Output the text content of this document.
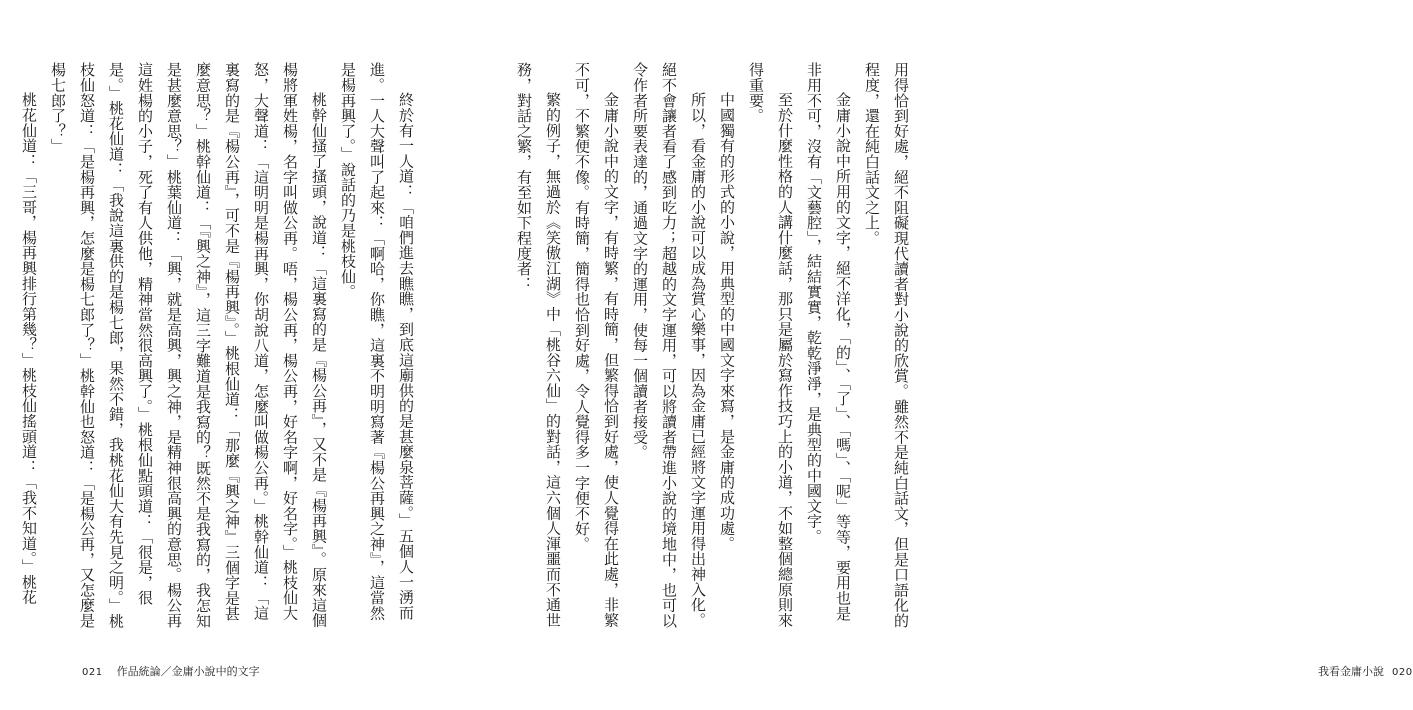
終於有一人道：「咱們進去瞧瞧，到底這廟供的是甚麼泉菩薩。」五個人一湧而進。一人大聲叫了起來：「啊哈，你瞧，這裏不明明寫著『楊公再興之神』，這當然是楊再興了。」說話的乃是桃枝仙。

桃幹仙搔了搔頭，說道：「這裏寫的是『楊公再』，又不是『楊再興』。原來這個楊將軍姓楊，名字叫做公再。唔，楊公再，楊公再，好名字啊，好名字。」桃枝仙大怒，大聲道：「這明明是楊再興，你胡說八道，怎麼叫做楊公再。」桃幹仙道：「這裏寫的是『楊公再』，可不是『楊再興』。」桃根仙道：「那麼『興之神』三個字是甚麼意思？」桃幹仙道：「『興之神』，這三字難道是我寫的？既然不是我寫的，我怎知是甚麼意思？」桃葉仙道：「興，就是高興，興之神，是精神很高興的意思。楊公再這姓楊的小子，死了有人供他，精神當然很高興了。」桃根仙點頭道：「很是，很是。」桃花仙道：「我說這裏供的是楊七郎，果然不錯，我桃花仙大有先見之明。」桃枝仙怒道：「是楊再興，怎麼是楊七郎了？」桃幹仙也怒道：「是楊公再，又怎麼是楊七郎了？」

桃花仙道：「三哥，楊再興排行第幾？」桃枝仙搖頭道：「我不知道。」桃花

021 作品統論／金庸小說中的文字

用得恰到好處，絕不阻礙現代讀者對小說的欣賞。雖然不是純白話文，但是口語化的程度，還在純白話文之上。

金庸小說中所用的文字，絕不洋化，「的」、「了」、「嗎」、「呢」等等，要用也是非用不可，沒有「文藝腔」，結結實實，乾乾淨淨，是典型的中國文字。

至於什麼性格的人講什麼話，那只是屬於寫作技巧上的小道，不如整個總原則來得重要。

中國獨有的形式的小說，用典型的中國文字來寫，是金庸的成功處。

所以，看金庸的小說可以成為賞心樂事，因為金庸已經將文字運用得出神入化。絕不會讓者看了感到吃力；超越的文字運用，可以將讀者帶進小說的境地中，也可以令作者所要表達的，通過文字的運用，使每一個讀者接受。

金庸小說中的文字，有時繁，有時簡，但繁得恰到好處，使人覺得在此處，非繁不可，不繁便不像。有時簡，簡得也恰到好處，令人覺得多一字便不好。

繁的例子，無過於《笑傲江湖》中「桃谷六仙」的對話，這六個人渾噩而不通世務，對話之繁，有至如下程度者：

我看金庸小說 020
